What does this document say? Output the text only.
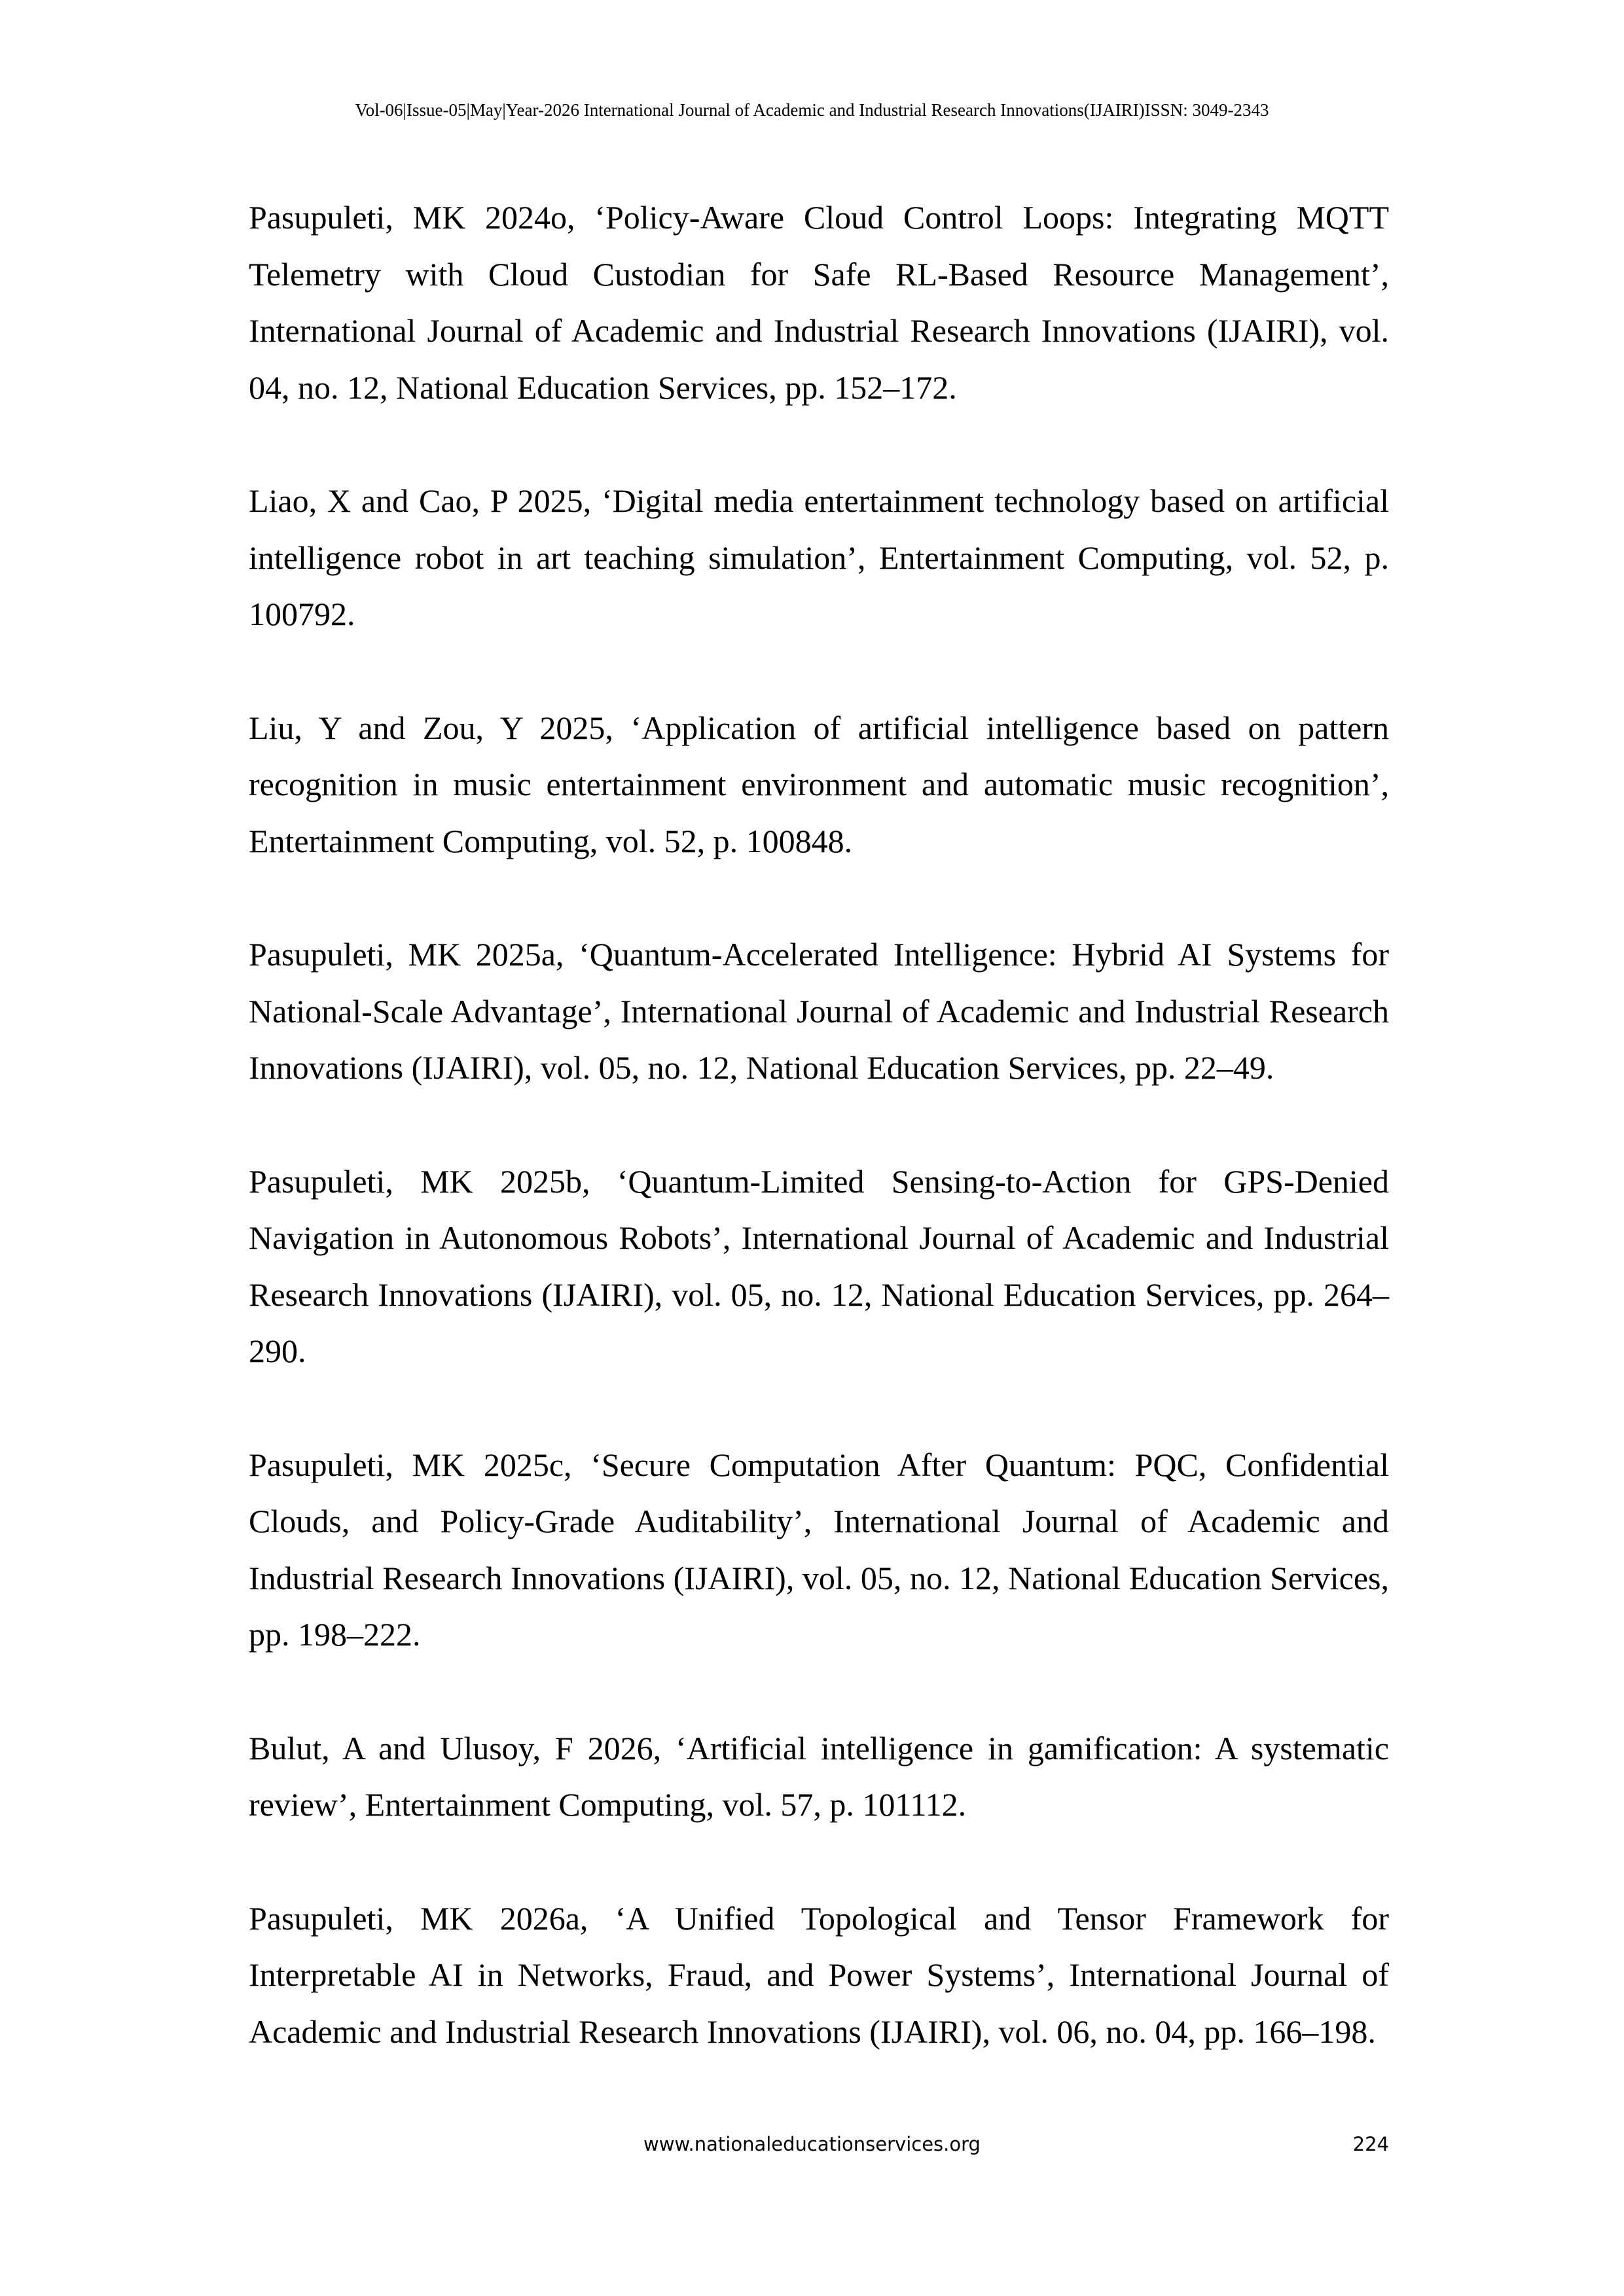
Vol-06|Issue-05|May|Year-2026 International Journal of Academic and Industrial Research Innovations(IJAIRI)ISSN: 3049-2343

Pasupuleti, MK 2024o, ‘Policy-Aware Cloud Control Loops: Integrating MQTT Telemetry with Cloud Custodian for Safe RL-Based Resource Management’, International Journal of Academic and Industrial Research Innovations (IJAIRI), vol. 04, no. 12, National Education Services, pp. 152–172.

Liao, X and Cao, P 2025, ‘Digital media entertainment technology based on artificial intelligence robot in art teaching simulation’, Entertainment Computing, vol. 52, p. 100792.

Liu, Y and Zou, Y 2025, ‘Application of artificial intelligence based on pattern recognition in music entertainment environment and automatic music recognition’, Entertainment Computing, vol. 52, p. 100848.

Pasupuleti, MK 2025a, ‘Quantum-Accelerated Intelligence: Hybrid AI Systems for National-Scale Advantage’, International Journal of Academic and Industrial Research Innovations (IJAIRI), vol. 05, no. 12, National Education Services, pp. 22–49.

Pasupuleti, MK 2025b, ‘Quantum-Limited Sensing-to-Action for GPS-Denied Navigation in Autonomous Robots’, International Journal of Academic and Industrial Research Innovations (IJAIRI), vol. 05, no. 12, National Education Services, pp. 264–290.

Pasupuleti, MK 2025c, ‘Secure Computation After Quantum: PQC, Confidential Clouds, and Policy-Grade Auditability’, International Journal of Academic and Industrial Research Innovations (IJAIRI), vol. 05, no. 12, National Education Services, pp. 198–222.

Bulut, A and Ulusoy, F 2026, ‘Artificial intelligence in gamification: A systematic review’, Entertainment Computing, vol. 57, p. 101112.

Pasupuleti, MK 2026a, ‘A Unified Topological and Tensor Framework for Interpretable AI in Networks, Fraud, and Power Systems’, International Journal of Academic and Industrial Research Innovations (IJAIRI), vol. 06, no. 04, pp. 166–198.

www.nationaleducationservices.org	224
